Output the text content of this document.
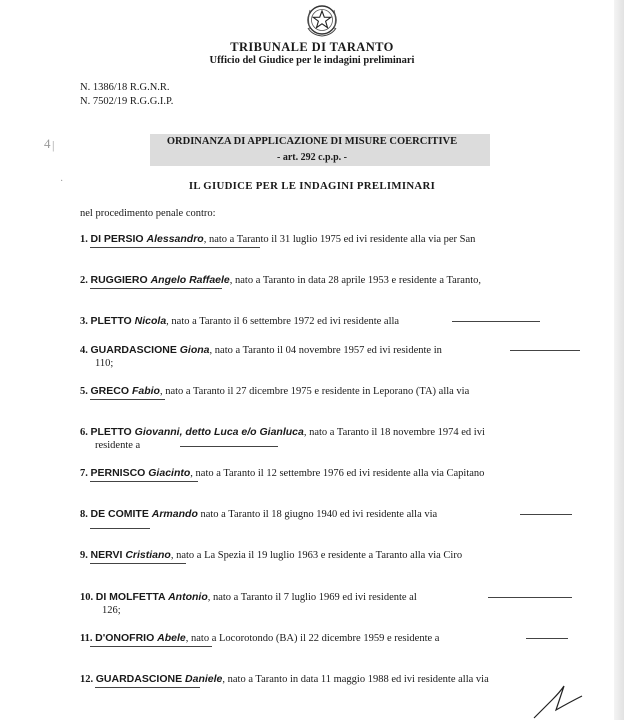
TRIBUNALE DI TARANTO
Ufficio del Giudice per le indagini preliminari
N. 1386/18 R.G.N.R.
N. 7502/19 R.G.G.I.P.
4 |
·
ORDINANZA DI APPLICAZIONE DI MISURE COERCITIVE
- art. 292 c.p.p. -
IL GIUDICE PER LE INDAGINI PRELIMINARI
nel procedimento penale contro:
1. DI PERSIO Alessandro, nato a Taranto il 31 luglio 1975 ed ivi residente alla via per San
2. RUGGIERO Angelo Raffaele, nato a Taranto in data 28 aprile 1953 e residente a Taranto,
3. PLETTO Nicola, nato a Taranto il 6 settembre 1972 ed ivi residente alla
4. GUARDASCIONE Giona, nato a Taranto il 04 novembre 1957 ed ivi residente in
110;
5. GRECO Fabio, nato a Taranto il 27 dicembre 1975 e residente in Leporano (TA) alla via
6. PLETTO Giovanni, detto Luca e/o Gianluca, nato a Taranto il 18 novembre 1974 ed ivi
residente a
7. PERNISCO Giacinto, nato a Taranto il 12 settembre 1976 ed ivi residente alla via Capitano
8. DE COMITE Armando nato a Taranto il 18 giugno 1940 ed ivi residente alla via
9. NERVI Cristiano, nato a La Spezia il 19 luglio 1963 e residente a Taranto alla via Ciro
10. DI MOLFETTA Antonio, nato a Taranto il 7 luglio 1969 ed ivi residente al
126;
11. D'ONOFRIO Abele, nato a Locorotondo (BA) il 22 dicembre 1959 e residente a
12. GUARDASCIONE Daniele, nato a Taranto in data 11 maggio 1988 ed ivi residente alla via
